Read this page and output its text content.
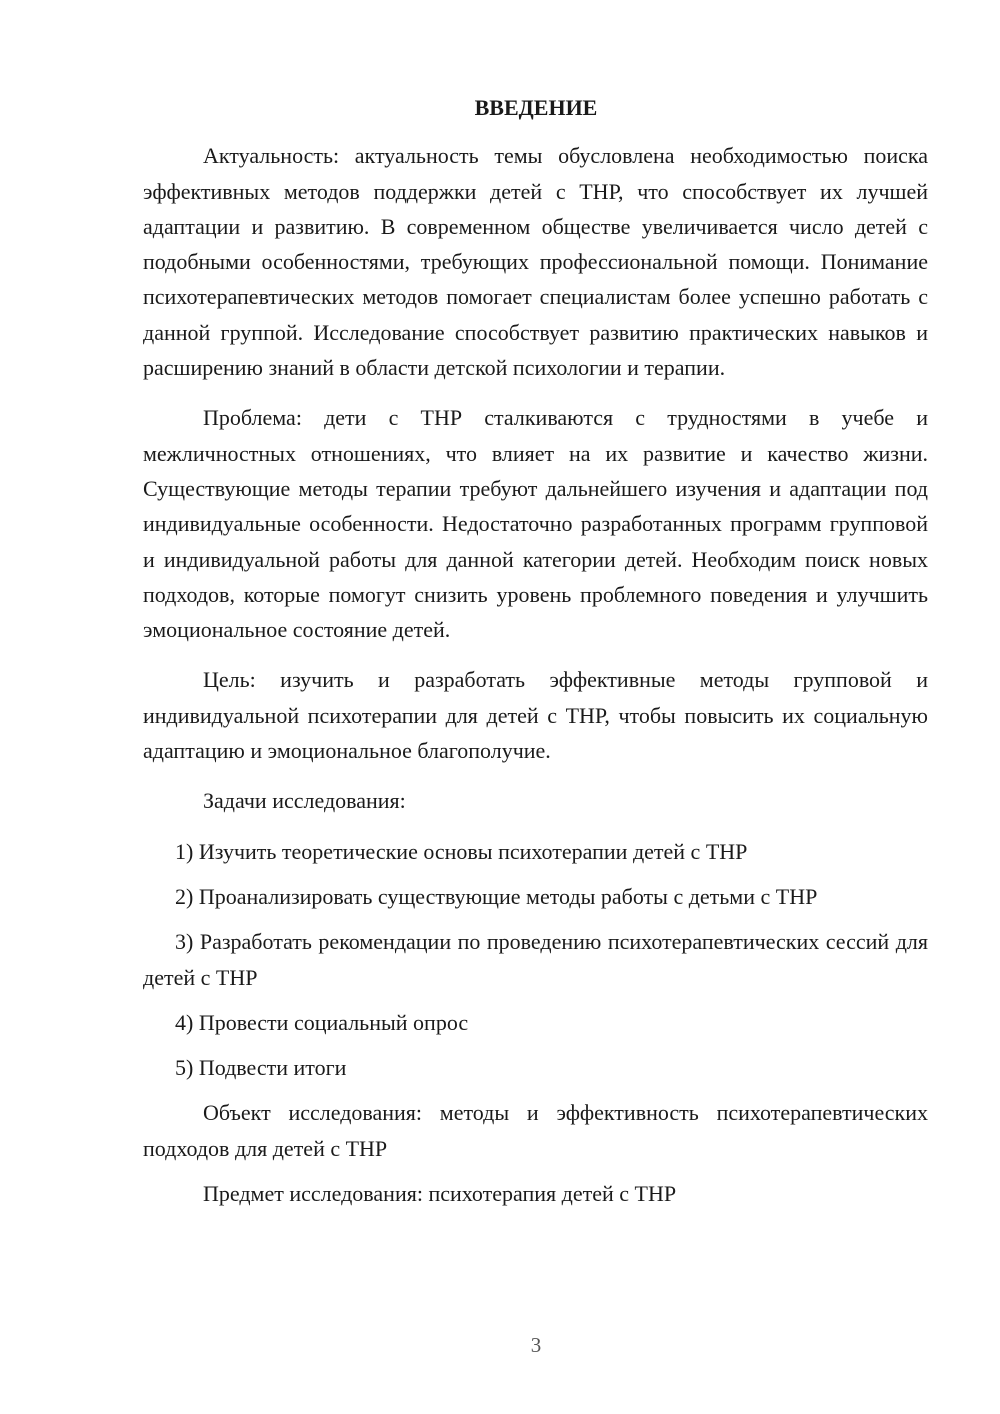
ВВЕДЕНИЕ

Актуальность: актуальность темы обусловлена необходимостью поиска эффективных методов поддержки детей с ТНР, что способствует их лучшей адаптации и развитию. В современном обществе увеличивается число детей с подобными особенностями, требующих профессиональной помощи. Понимание психотерапевтических методов помогает специалистам более успешно работать с данной группой. Исследование способствует развитию практических навыков и расширению знаний в области детской психологии и терапии.

Проблема: дети с ТНР сталкиваются с трудностями в учебе и межличностных отношениях, что влияет на их развитие и качество жизни. Существующие методы терапии требуют дальнейшего изучения и адаптации под индивидуальные особенности. Недостаточно разработанных программ групповой и индивидуальной работы для данной категории детей. Необходим поиск новых подходов, которые помогут снизить уровень проблемного поведения и улучшить эмоциональное состояние детей.

Цель: изучить и разработать эффективные методы групповой и индивидуальной психотерапии для детей с ТНР, чтобы повысить их социальную адаптацию и эмоциональное благополучие.

Задачи исследования:

1) Изучить теоретические основы психотерапии детей с ТНР

2) Проанализировать существующие методы работы с детьми с ТНР

3) Разработать рекомендации по проведению психотерапевтических сессий для детей с ТНР

4) Провести социальный опрос

5) Подвести итоги

Объект исследования: методы и эффективность психотерапевтических подходов для детей с ТНР

Предмет исследования: психотерапия детей с ТНР

3
